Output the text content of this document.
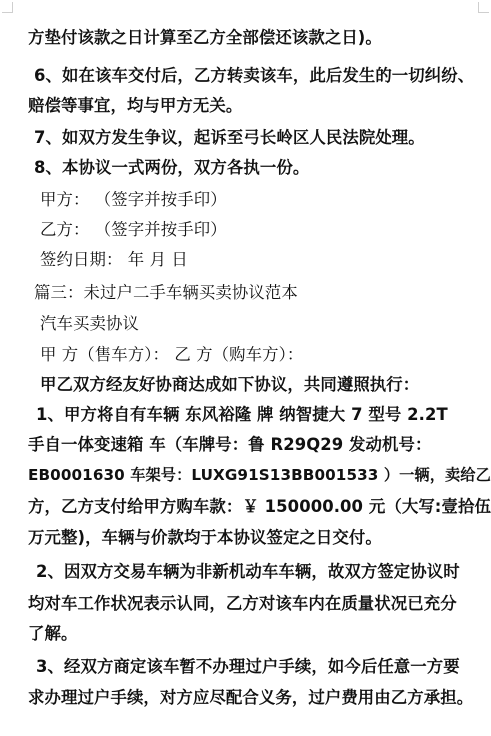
方垫付该款之日计算至乙方全部偿还该款之日)。
6、如在该车交付后，乙方转卖该车，此后发生的一切纠纷、
赔偿等事宜，均与甲方无关。
7、如双方发生争议，起诉至弓长岭区人民法院处理。
8、本协议一式两份，双方各执一份。
甲方： （签字并按手印）
乙方： （签字并按手印）
签约日期： 年 月 日
篇三：未过户二手车辆买卖协议范本
汽车买卖协议
甲 方（售车方）： 乙 方（购车方）：
甲乙双方经友好协商达成如下协议，共同遵照执行：
1、甲方将自有车辆 东风裕隆 牌 纳智捷大 7 型号 2.2T
手自一体变速箱 车（车牌号：鲁 R29Q29 发动机号：
EB0001630 车架号：LUXG91S13BB001533 ）一辆，卖给乙
方，乙方支付给甲方购车款：￥ 150000.00 元（大写:壹拾伍
万元整)，车辆与价款均于本协议签定之日交付。
2、因双方交易车辆为非新机动车车辆，故双方签定协议时
均对车工作状况表示认同，乙方对该车内在质量状况已充分
了解。
3、经双方商定该车暂不办理过户手续，如今后任意一方要
求办理过户手续，对方应尽配合义务，过户费用由乙方承担。
